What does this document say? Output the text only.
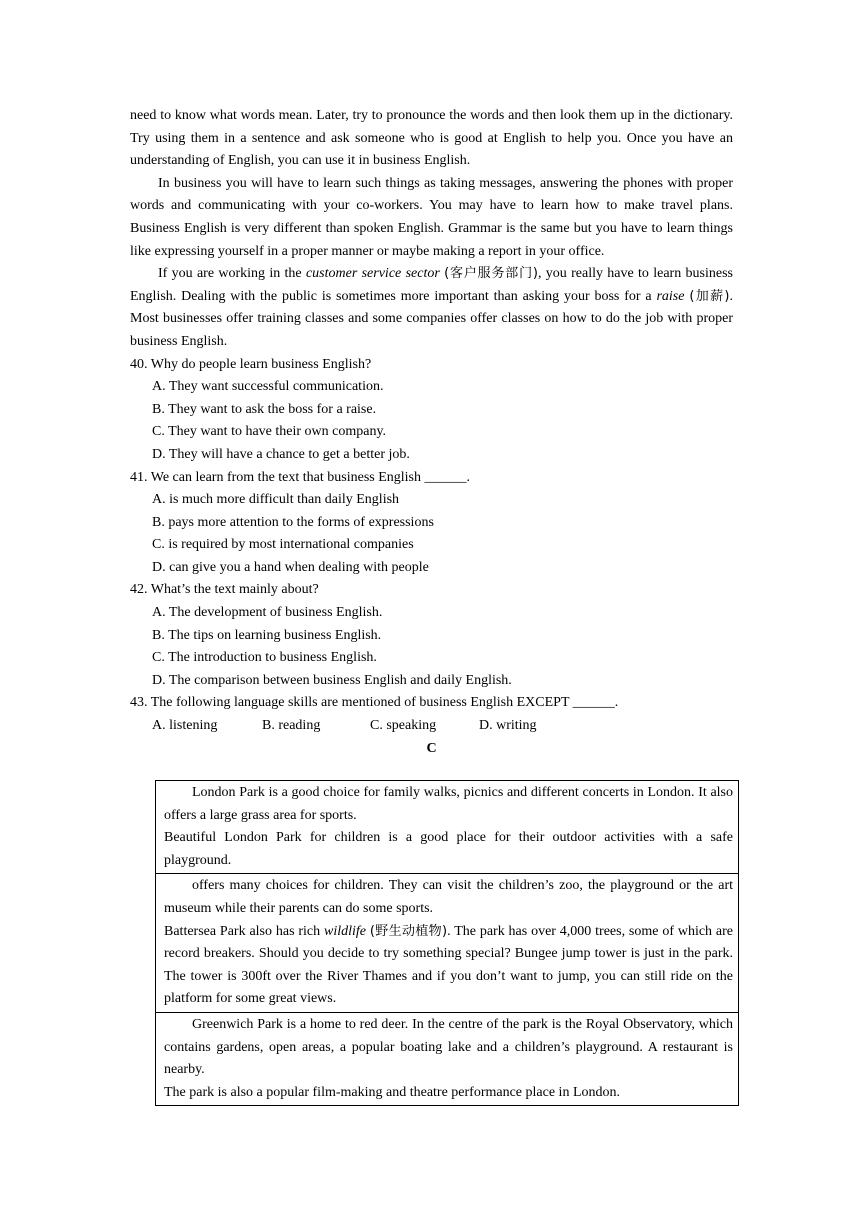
need to know what words mean. Later, try to pronounce the words and then look them up in the dictionary. Try using them in a sentence and ask someone who is good at English to help you. Once you have an understanding of English, you can use it in business English.

In business you will have to learn such things as taking messages, answering the phones with proper words and communicating with your co-workers. You may have to learn how to make travel plans. Business English is very different than spoken English. Grammar is the same but you have to learn things like expressing yourself in a proper manner or maybe making a report in your office.

If you are working in the customer service sector (客户服务部门), you really have to learn business English. Dealing with the public is sometimes more important than asking your boss for a raise (加薪). Most businesses offer training classes and some companies offer classes on how to do the job with proper business English.

40. Why do people learn business English?

A. They want successful communication.

B. They want to ask the boss for a raise.

C. They want to have their own company.

D. They will have a chance to get a better job.

41. We can learn from the text that business English ______.

A. is much more difficult than daily English

B. pays more attention to the forms of expressions

C. is required by most international companies

D. can give you a hand when dealing with people

42. What’s the text mainly about?

A. The development of business English.

B. The tips on learning business English.

C. The introduction to business English.

D. The comparison between business English and daily English.

43. The following language skills are mentioned of business English EXCEPT ______.

A. listening	B. reading	C. speaking	D. writing

C

London Park is a good choice for family walks, picnics and different concerts in London. It also offers a large grass area for sports.

Beautiful London Park for children is a good place for their outdoor activities with a safe playground.

offers many choices for children. They can visit the children’s zoo, the playground or the art museum while their parents can do some sports.

Battersea Park also has rich wildlife (野生动植物). The park has over 4,000 trees, some of which are record breakers. Should you decide to try something special? Bungee jump tower is just in the park. The tower is 300ft over the River Thames and if you don’t want to jump, you can still ride on the platform for some great views.

Greenwich Park is a home to red deer. In the centre of the park is the Royal Observatory, which contains gardens, open areas, a popular boating lake and a children’s playground. A restaurant is nearby.

The park is also a popular film-making and theatre performance place in London.
